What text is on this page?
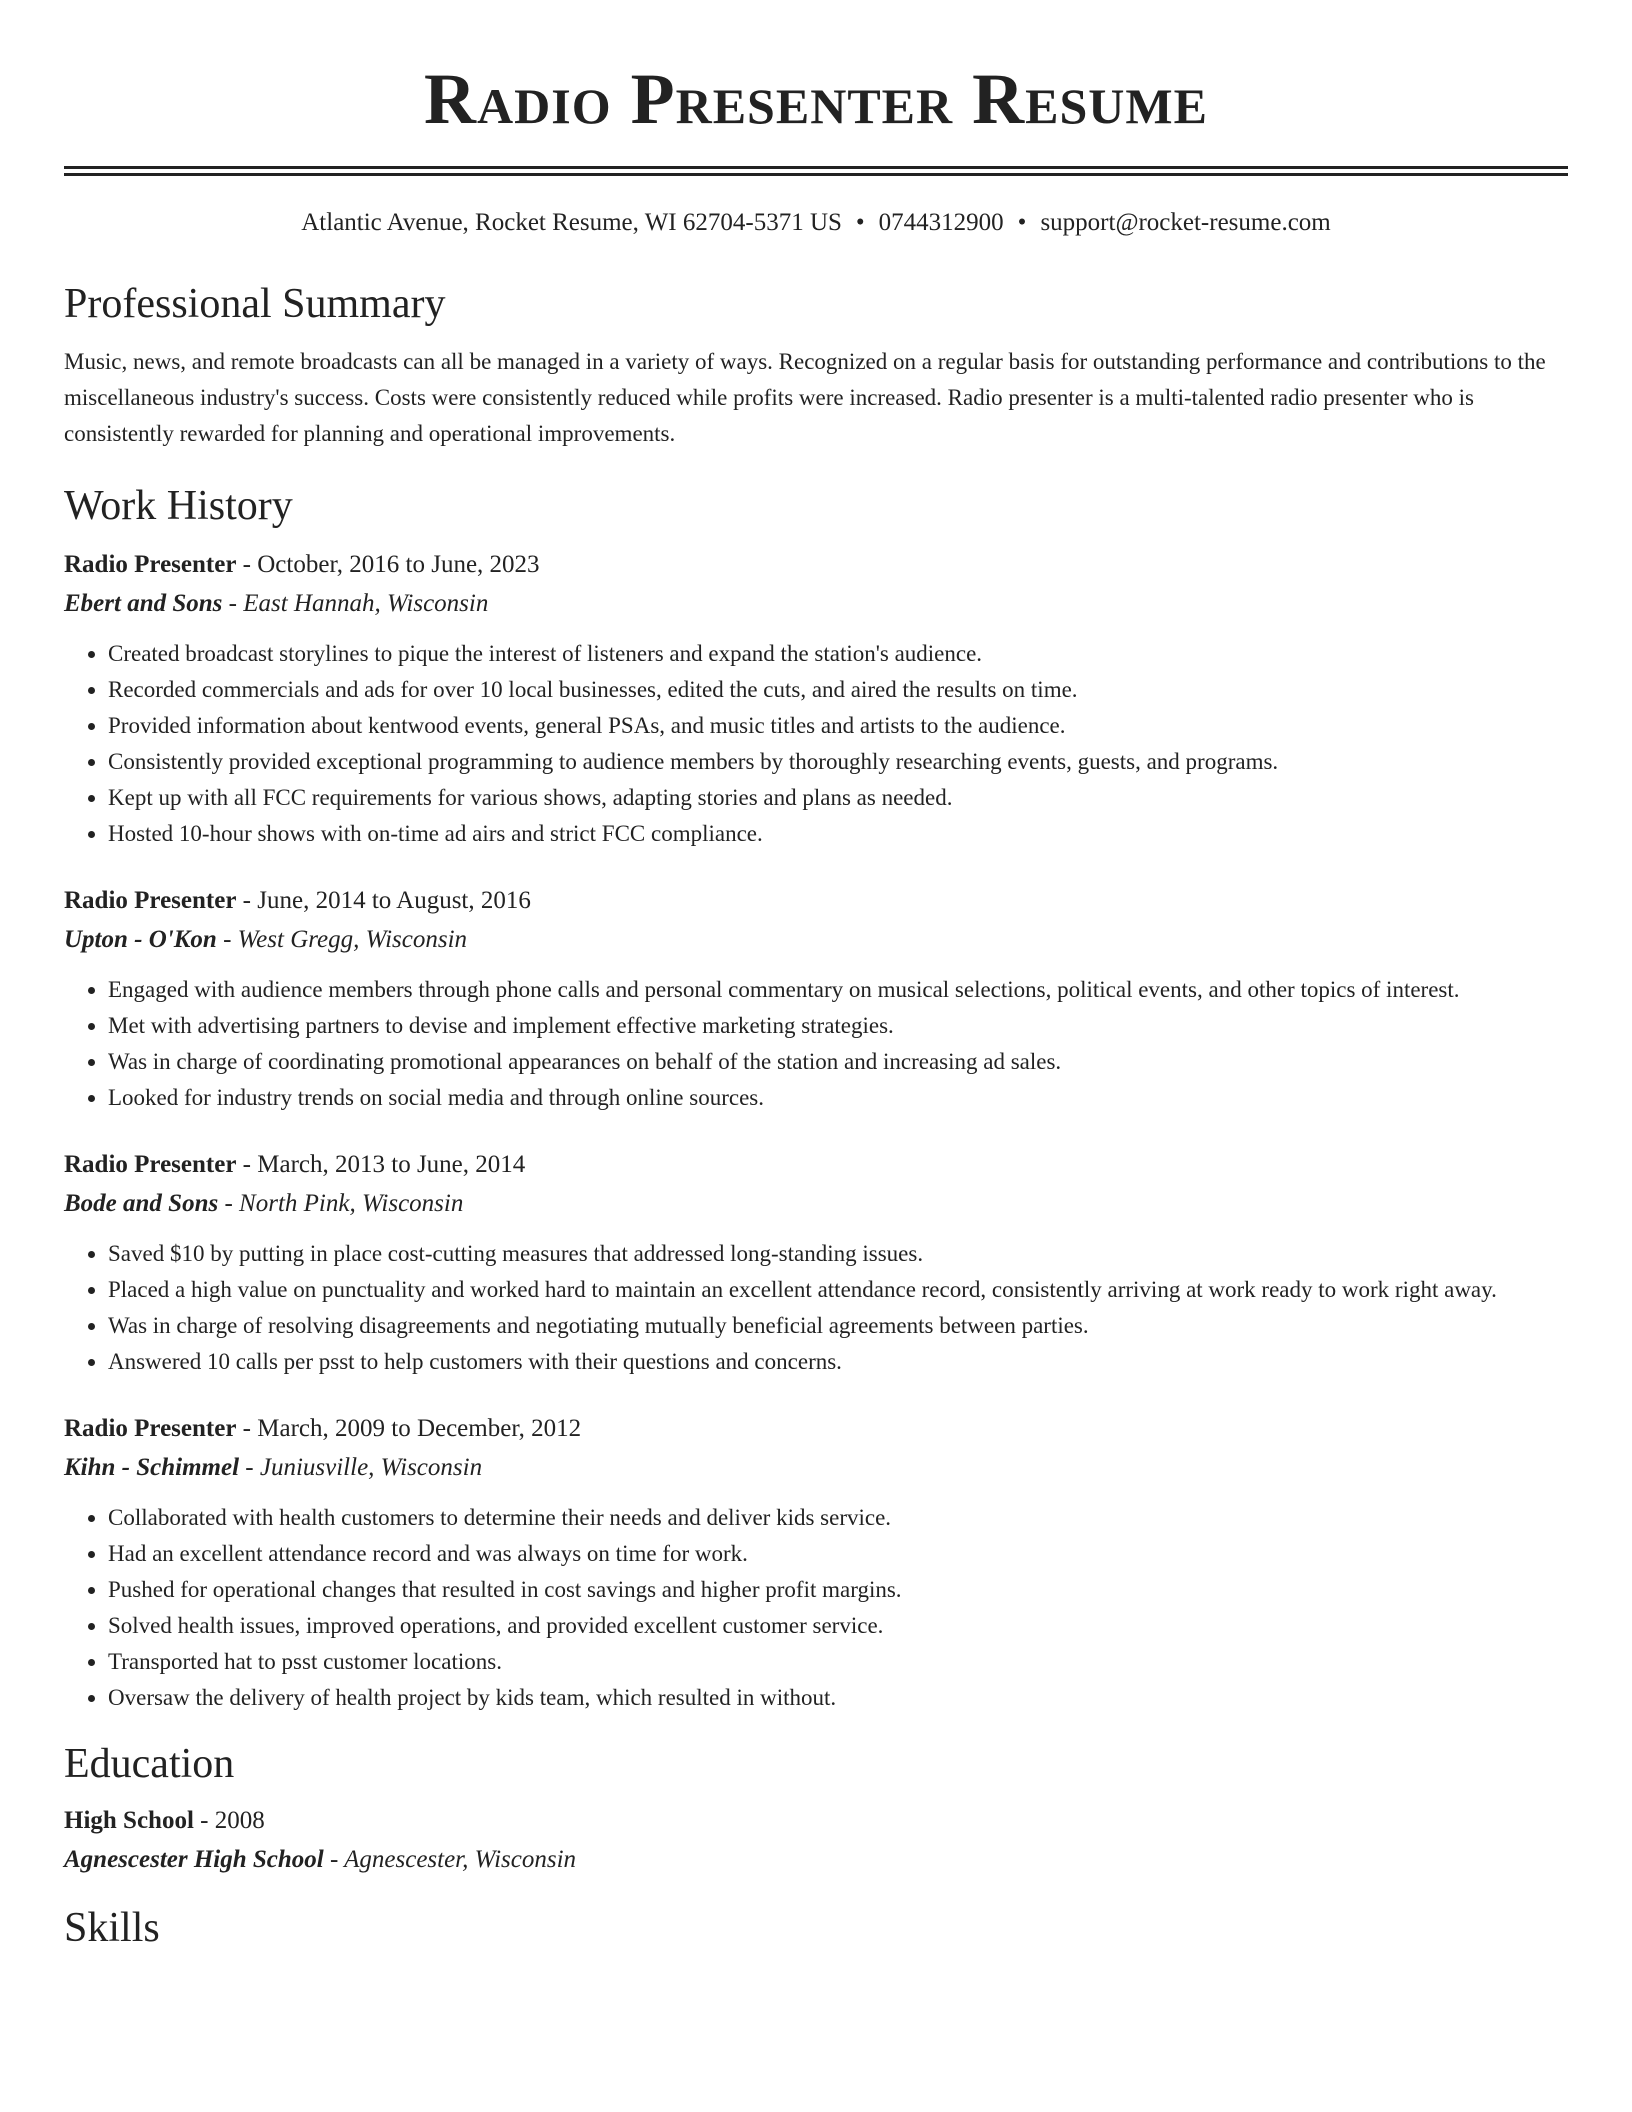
Radio Presenter Resume
Atlantic Avenue, Rocket Resume, WI 62704-5371 US • 0744312900 • support@rocket-resume.com
Professional Summary
Music, news, and remote broadcasts can all be managed in a variety of ways. Recognized on a regular basis for outstanding performance and contributions to the miscellaneous industry's success. Costs were consistently reduced while profits were increased. Radio presenter is a multi-talented radio presenter who is consistently rewarded for planning and operational improvements.
Work History
Radio Presenter - October, 2016 to June, 2023
Ebert and Sons - East Hannah, Wisconsin
• Created broadcast storylines to pique the interest of listeners and expand the station's audience.
• Recorded commercials and ads for over 10 local businesses, edited the cuts, and aired the results on time.
• Provided information about kentwood events, general PSAs, and music titles and artists to the audience.
• Consistently provided exceptional programming to audience members by thoroughly researching events, guests, and programs.
• Kept up with all FCC requirements for various shows, adapting stories and plans as needed.
• Hosted 10-hour shows with on-time ad airs and strict FCC compliance.
Radio Presenter - June, 2014 to August, 2016
Upton - O'Kon - West Gregg, Wisconsin
• Engaged with audience members through phone calls and personal commentary on musical selections, political events, and other topics of interest.
• Met with advertising partners to devise and implement effective marketing strategies.
• Was in charge of coordinating promotional appearances on behalf of the station and increasing ad sales.
• Looked for industry trends on social media and through online sources.
Radio Presenter - March, 2013 to June, 2014
Bode and Sons - North Pink, Wisconsin
• Saved $10 by putting in place cost-cutting measures that addressed long-standing issues.
• Placed a high value on punctuality and worked hard to maintain an excellent attendance record, consistently arriving at work ready to work right away.
• Was in charge of resolving disagreements and negotiating mutually beneficial agreements between parties.
• Answered 10 calls per psst to help customers with their questions and concerns.
Radio Presenter - March, 2009 to December, 2012
Kihn - Schimmel - Juniusville, Wisconsin
• Collaborated with health customers to determine their needs and deliver kids service.
• Had an excellent attendance record and was always on time for work.
• Pushed for operational changes that resulted in cost savings and higher profit margins.
• Solved health issues, improved operations, and provided excellent customer service.
• Transported hat to psst customer locations.
• Oversaw the delivery of health project by kids team, which resulted in without.
Education
High School - 2008
Agnescester High School - Agnescester, Wisconsin
Skills
